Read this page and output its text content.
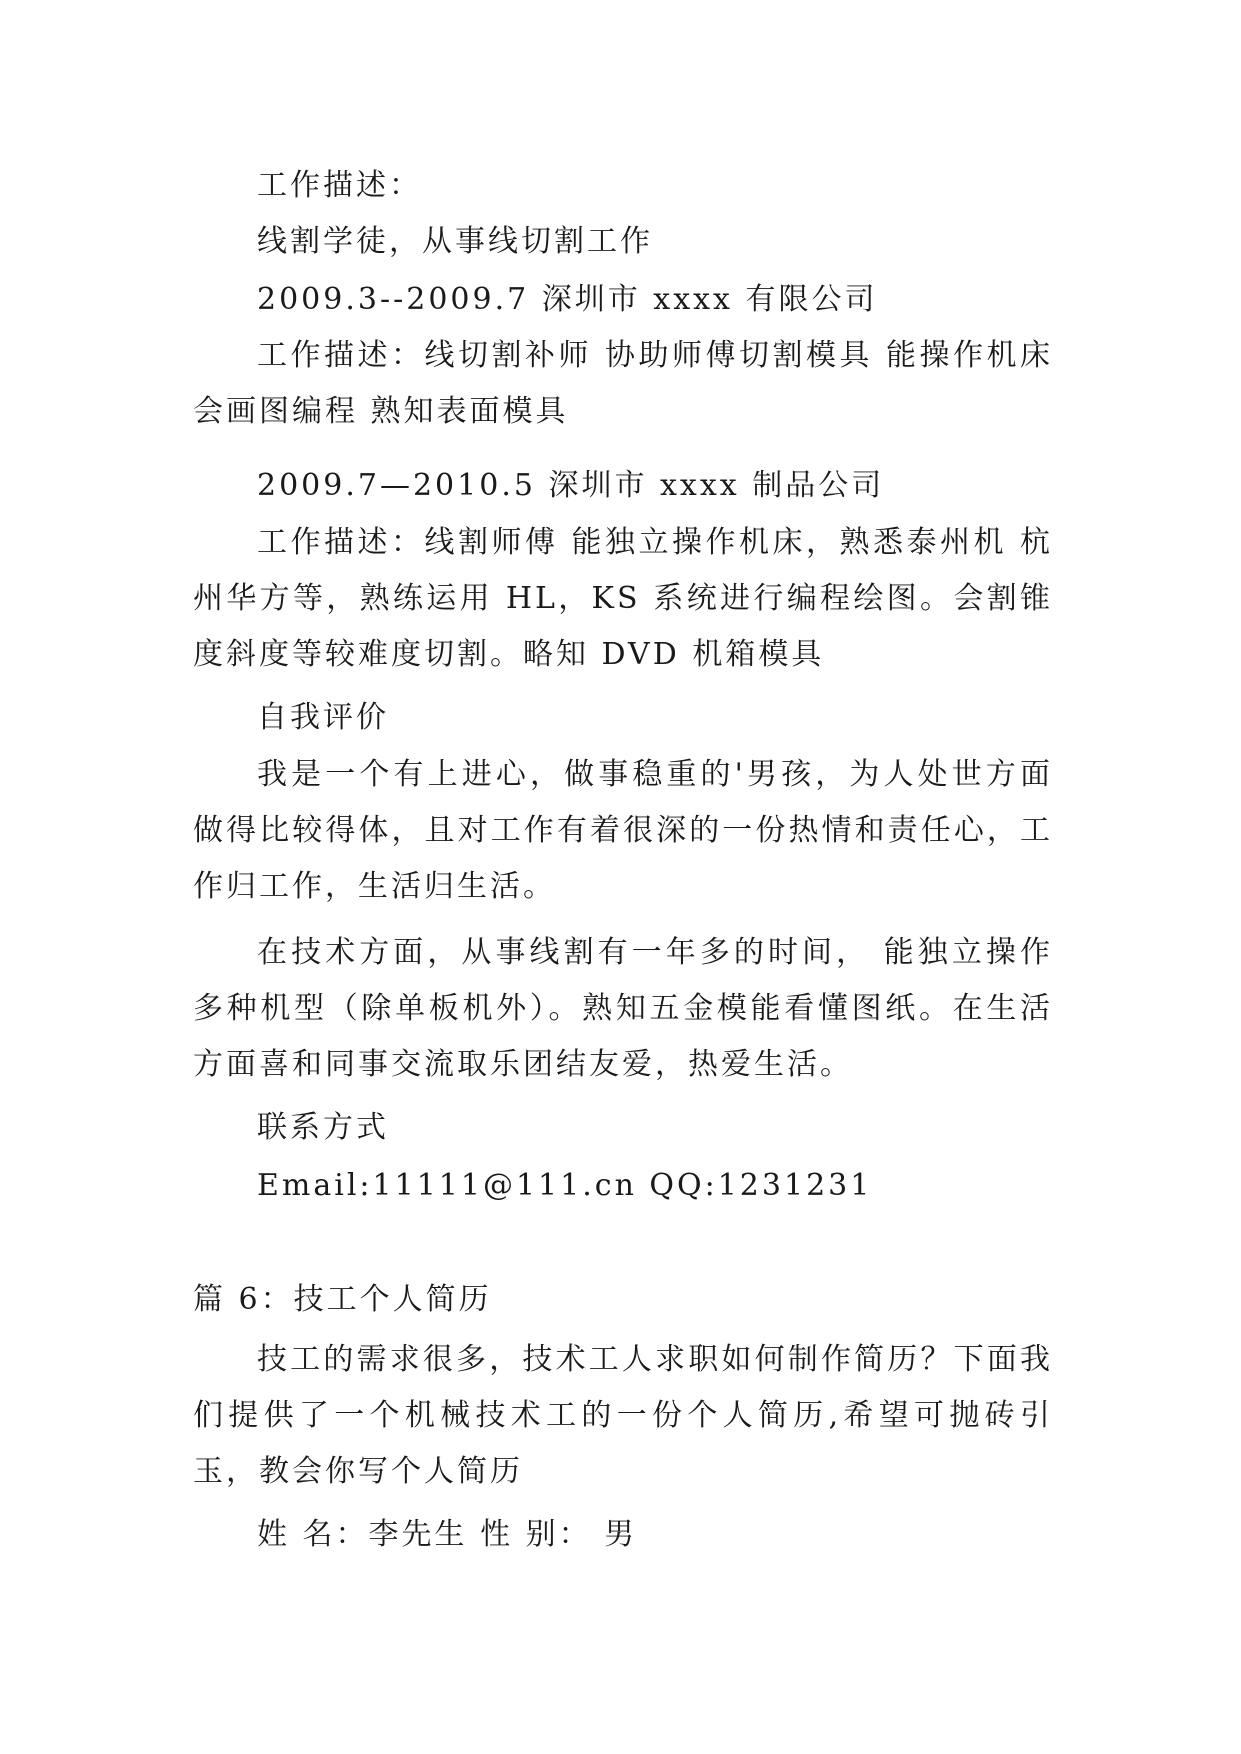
工作描述：
线割学徒，从事线切割工作
2009.3--2009.7 深圳市 xxxx 有限公司
工作描述：线切割补师 协助师傅切割模具 能操作机床会画图编程 熟知表面模具
2009.7—2010.5 深圳市 xxxx 制品公司
工作描述：线割师傅 能独立操作机床，熟悉泰州机 杭州华方等，熟练运用 HL，KS 系统进行编程绘图。会割锥度斜度等较难度切割。略知 DVD 机箱模具
自我评价
我是一个有上进心，做事稳重的'男孩，为人处世方面做得比较得体，且对工作有着很深的一份热情和责任心，工作归工作，生活归生活。
在技术方面，从事线割有一年多的时间， 能独立操作多种机型（除单板机外）。熟知五金模能看懂图纸。在生活方面喜和同事交流取乐团结友爱，热爱生活。
联系方式
Email:11111@111.cn QQ:1231231
篇 6：技工个人简历
技工的需求很多，技术工人求职如何制作简历？下面我们提供了一个机械技术工的一份个人简历,希望可抛砖引玉，教会你写个人简历
姓 名：李先生 性 别： 男
